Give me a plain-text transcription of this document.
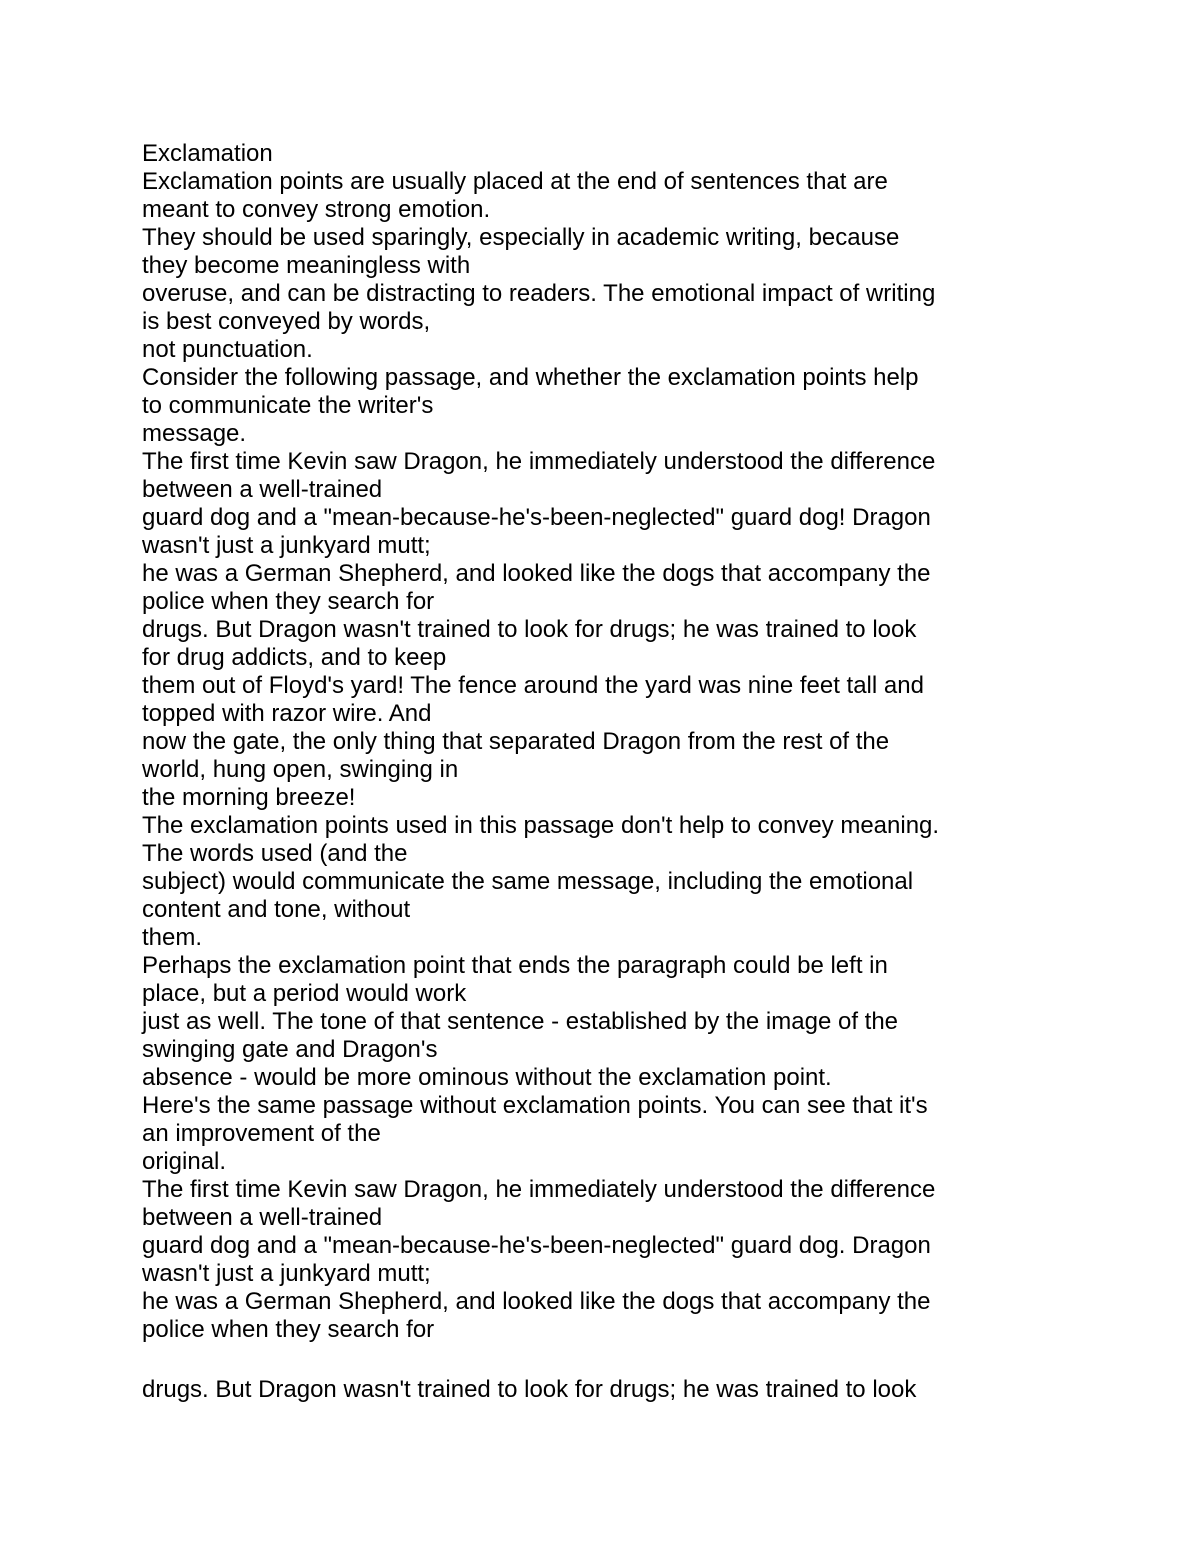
Exclamation
Exclamation points are usually placed at the end of sentences that are
meant to convey strong emotion.
They should be used sparingly, especially in academic writing, because
they become meaningless with
overuse, and can be distracting to readers. The emotional impact of writing
is best conveyed by words,
not punctuation.
Consider the following passage, and whether the exclamation points help
to communicate the writer's
message.
The first time Kevin saw Dragon, he immediately understood the difference
between a well-trained
guard dog and a "mean-because-he's-been-neglected" guard dog! Dragon
wasn't just a junkyard mutt;
he was a German Shepherd, and looked like the dogs that accompany the
police when they search for
drugs. But Dragon wasn't trained to look for drugs; he was trained to look
for drug addicts, and to keep
them out of Floyd's yard! The fence around the yard was nine feet tall and
topped with razor wire. And
now the gate, the only thing that separated Dragon from the rest of the
world, hung open, swinging in
the morning breeze!
The exclamation points used in this passage don't help to convey meaning.
The words used (and the
subject) would communicate the same message, including the emotional
content and tone, without
them.
Perhaps the exclamation point that ends the paragraph could be left in
place, but a period would work
just as well. The tone of that sentence - established by the image of the
swinging gate and Dragon's
absence - would be more ominous without the exclamation point.
Here's the same passage without exclamation points. You can see that it's
an improvement of the
original.
The first time Kevin saw Dragon, he immediately understood the difference
between a well-trained
guard dog and a "mean-because-he's-been-neglected" guard dog. Dragon
wasn't just a junkyard mutt;
he was a German Shepherd, and looked like the dogs that accompany the
police when they search for
drugs. But Dragon wasn't trained to look for drugs; he was trained to look
